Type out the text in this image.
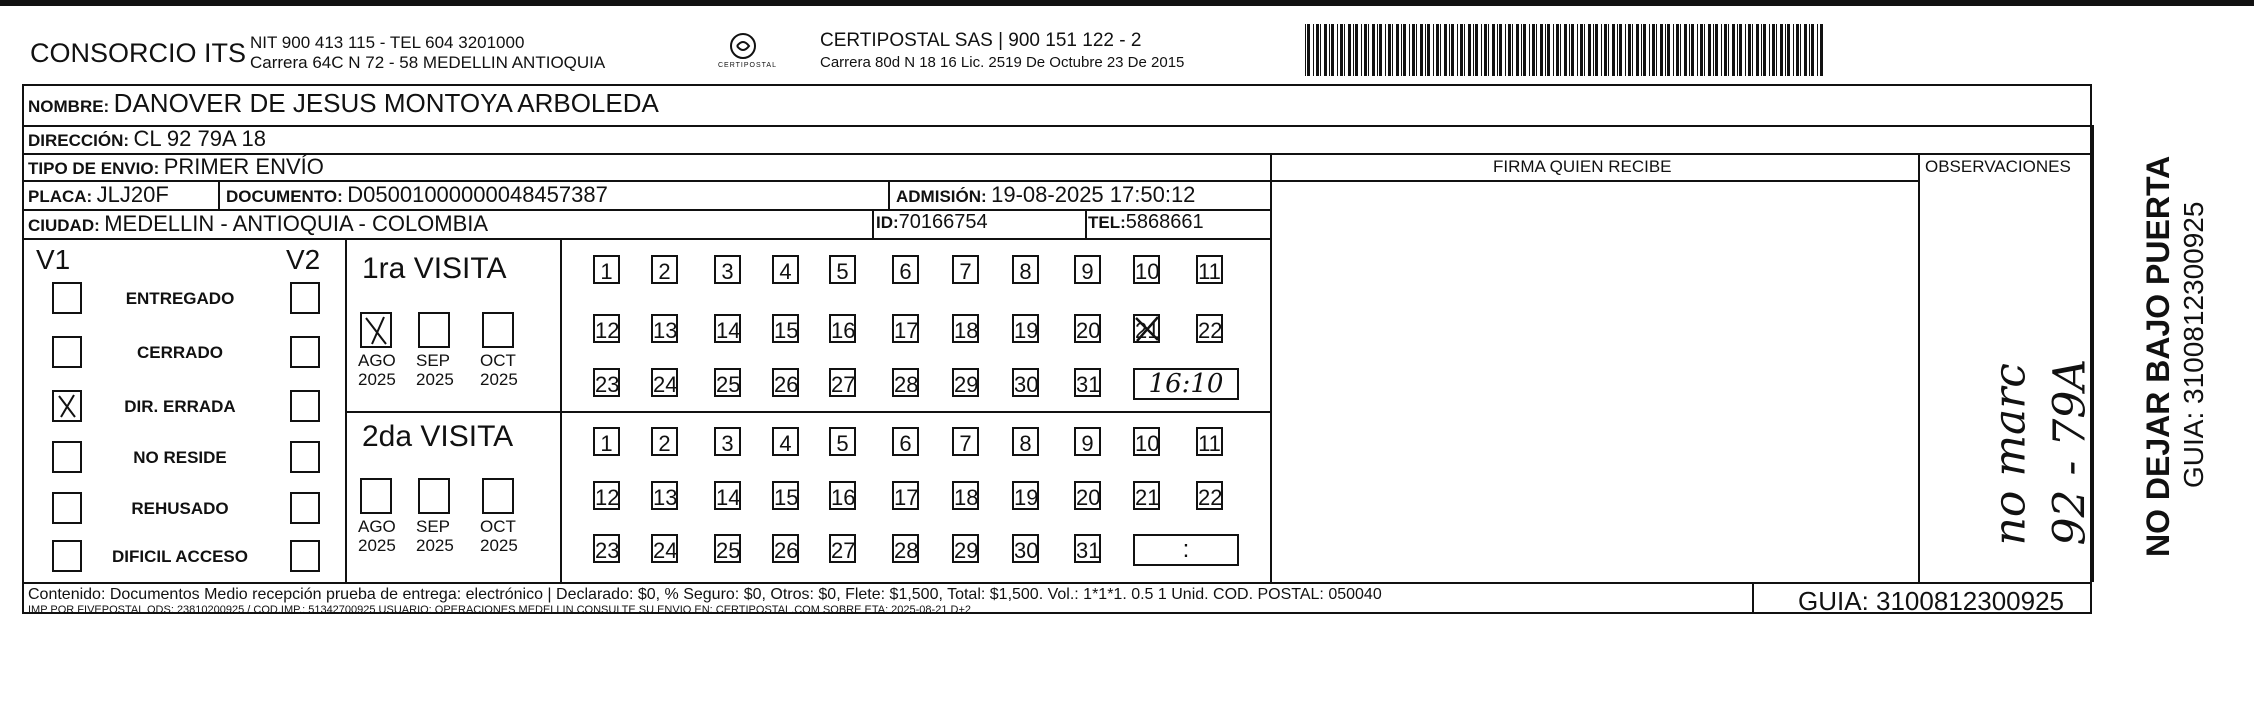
CONSORCIO ITS NIT 900 413 115 - TEL 604 3201000
Carrera 64C N 72 - 58 MEDELLIN ANTIOQUIA	CERTIPOSTAL
CERTIPOSTAL SAS | 900 151 122 - 2
Carrera 80d N 18 16 Lic. 2519 De Octubre 23 De 2015
NOMBRE: DANOVER DE JESUS MONTOYA ARBOLEDA
DIRECCIÓN: CL 92 79A 18
TIPO DE ENVIO: PRIMER ENVÍO	FIRMA QUIEN RECIBE	OBSERVACIONES
PLACA: JLJ20F	DOCUMENTO: D05001000000048457387	ADMISIÓN: 19-08-2025 17:50:12
CIUDAD: MEDELLIN - ANTIOQUIA - COLOMBIA	ID:70166754	TEL:5868661
V1	V2
ENTREGADO
CERRADO
DIR. ERRADA
NO RESIDE
REHUSADO
DIFICIL ACCESO
1ra VISITA
AGO
2025
SEP
2025
OCT
2025
1	2	3	4	5	6	7	8	9	10 11
12 13 14 15 16 17 18 19 20 21 22
23 24 25 26 27 28 29 30 31	16:10
2da VISITA
AGO
2025
SEP
2025
OCT
2025
1	2	3	4	5	6	7	8	9	10 11
12 13 14 15 16 17 18 19 20 21 22
23 24 25 26 27 28 29 30 31	:
no marc 92 - 79A NO DEJAR BAJO PUERTA GUIA: 3100812300925
Contenido: Documentos Medio recepción prueba de entrega: electrónico | Declarado: $0, % Seguro: $0, Otros: $0, Flete: $1,500, Total: $1,500. Vol.: 1*1*1. 0.5 1 Unid. COD. POSTAL: 050040
IMP POR FIVEPOSTAL ODS: 23810200925 / COD.IMP.: 51342700925 USUARIO: OPERACIONES MEDELLIN CONSULTE SU ENVIO EN: CERTIPOSTAL.COM SOBRE ETA: 2025-08-21 D+2	GUIA: 3100812300925
